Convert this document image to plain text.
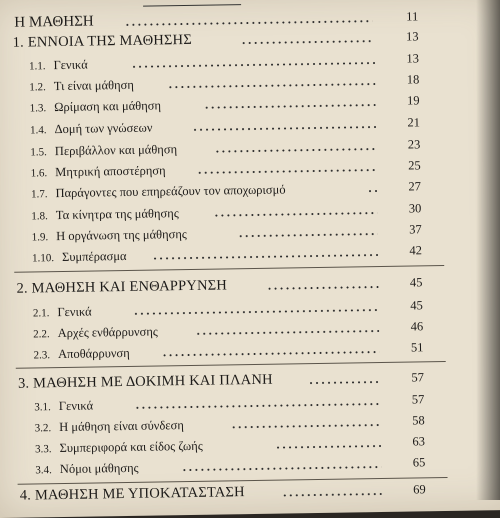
Η ΜΑΘΗΣΗ	11
1. ΕΝΝΟΙΑ ΤΗΣ ΜΑΘΗΣΗΣ	13
1.1. Γενικά	13
1.2. Τι είναι μάθηση	18
1.3. Ωρίμαση και μάθηση	19
1.4. Δομή των γνώσεων	21
1.5. Περιβάλλον και μάθηση	23
1.6. Μητρική αποστέρηση	25
1.7. Παράγοντες που επηρεάζουν τον αποχωρισμό	27
1.8. Τα κίνητρα της μάθησης	30
1.9. Η οργάνωση της μάθησης	37
1.10. Συμπέρασμα	42
2. ΜΑΘΗΣΗ ΚΑΙ ΕΝΘΑΡΡΥΝΣΗ	45
2.1. Γενικά	45
2.2. Αρχές ενθάρρυνσης	46
2.3. Αποθάρρυνση	51
3. ΜΑΘΗΣΗ ΜΕ ΔΟΚΙΜΗ ΚΑΙ ΠΛΑΝΗ	57
3.1. Γενικά	57
3.2. Η μάθηση είναι σύνδεση	58
3.3. Συμπεριφορά και είδος ζωής	63
3.4. Νόμοι μάθησης	65
4. ΜΑΘΗΣΗ ΜΕ ΥΠΟΚΑΤΑΣΤΑΣΗ	69
